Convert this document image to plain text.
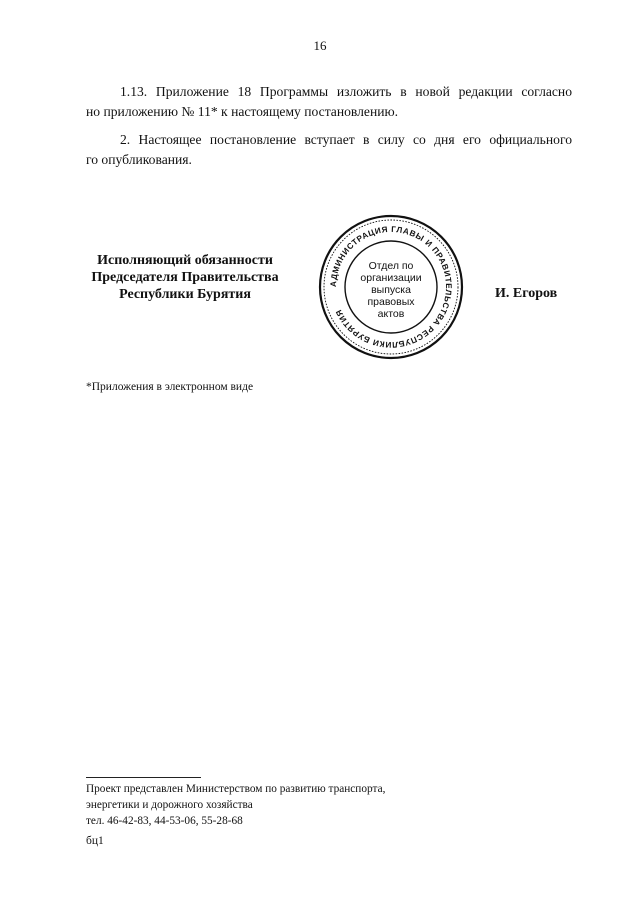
16
1.13. Приложение 18 Программы изложить в новой редакции согласно
но приложению № 11* к настоящему постановлению.
2. Настоящее постановление вступает в силу со дня его официального
го опубликования.
Исполняющий обязанности
Председателя Правительства
Республики Бурятия
АДМИНИСТРАЦИЯ ГЛАВЫ И ПРАВИТЕЛЬСТВА РЕСПУБЛИКИ БУРЯТИЯ
Отдел по
организации
выпуска
правовых
актов
И. Егоров
*Приложения в электронном виде
Проект представлен Министерством по развитию транспорта,
энергетики и дорожного хозяйства
тел. 46-42-83, 44-53-06, 55-28-68
бц1
